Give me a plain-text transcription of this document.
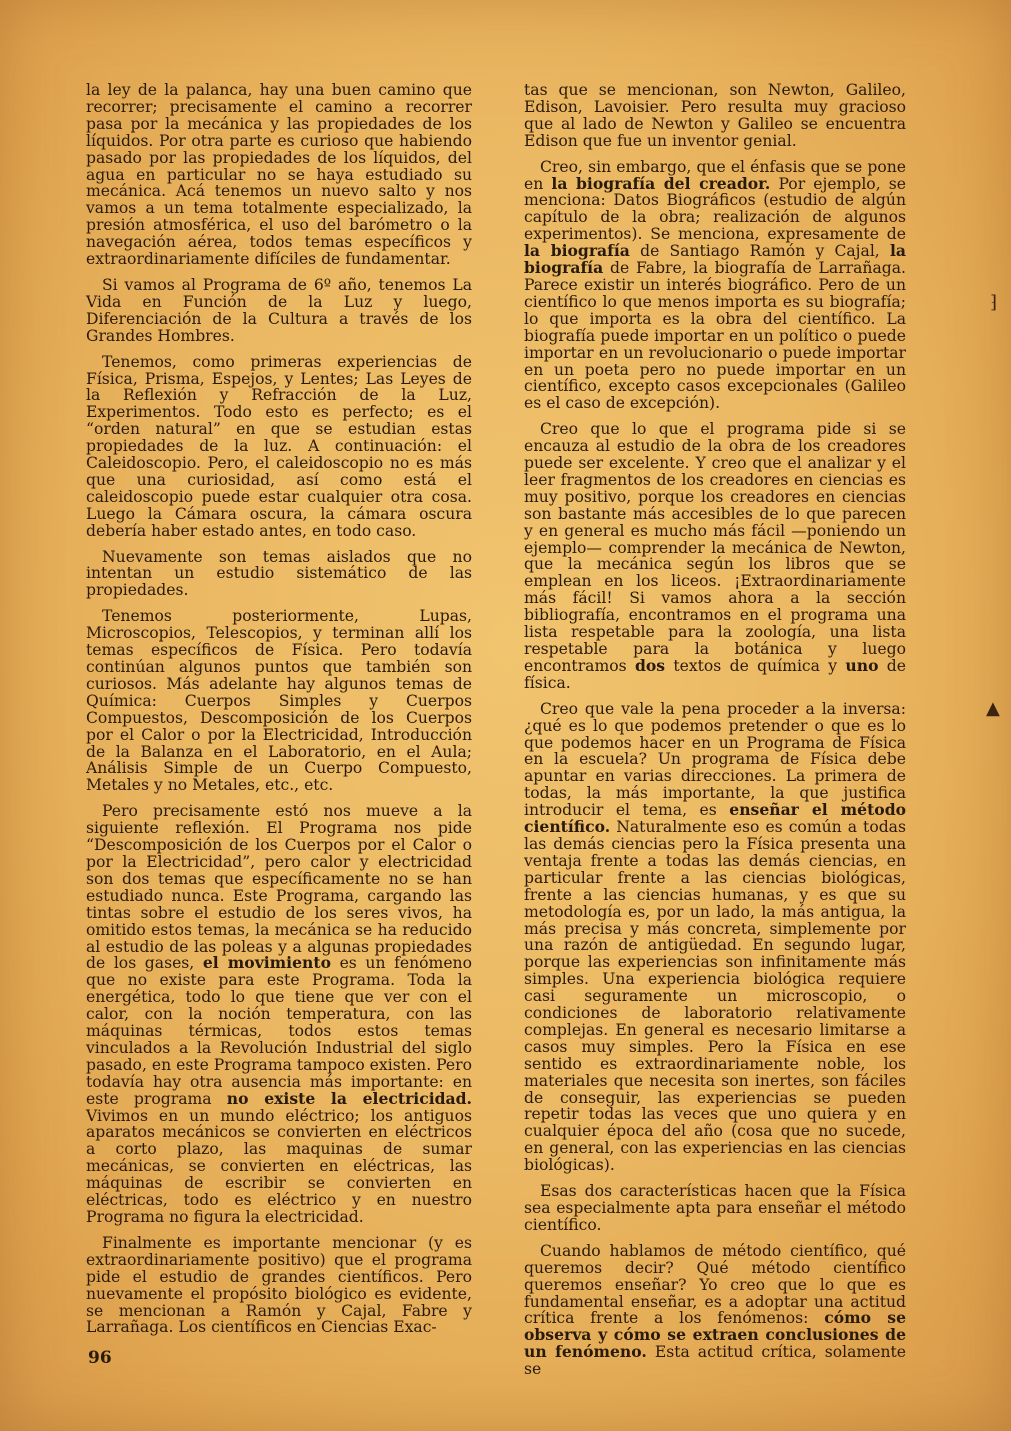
la ley de la palanca, hay una buen camino que recorrer; precisamente el camino a recorrer pasa por la mecánica y las propiedades de los líquidos. Por otra parte es curioso que habiendo pasado por las propiedades de los líquidos, del agua en particular no se haya estudiado su mecánica. Acá tenemos un nuevo salto y nos vamos a un tema totalmente especializado, la presión atmosférica, el uso del barómetro o la navegación aérea, todos temas específicos y extraordinariamente difíciles de fundamentar.

Si vamos al Programa de 6º año, tenemos La Vida en Función de la Luz y luego, Diferenciación de la Cultura a través de los Grandes Hombres.

Tenemos, como primeras experiencias de Física, Prisma, Espejos, y Lentes; Las Leyes de la Reflexión y Refracción de la Luz, Experimentos. Todo esto es perfecto; es el “orden natural” en que se estudian estas propiedades de la luz. A continuación: el Caleidoscopio. Pero, el caleidoscopio no es más que una curiosidad, así como está el caleidoscopio puede estar cualquier otra cosa. Luego la Cámara oscura, la cámara oscura debería haber estado antes, en todo caso.

Nuevamente son temas aislados que no intentan un estudio sistemático de las propiedades.

Tenemos posteriormente, Lupas, Microscopios, Telescopios, y terminan allí los temas específicos de Física. Pero todavía continúan algunos puntos que también son curiosos. Más adelante hay algunos temas de Química: Cuerpos Simples y Cuerpos Compuestos, Descomposición de los Cuerpos por el Calor o por la Electricidad, Introducción de la Balanza en el Laboratorio, en el Aula; Análisis Simple de un Cuerpo Compuesto, Metales y no Metales, etc., etc.

Pero precisamente estó nos mueve a la siguiente reflexión. El Programa nos pide “Descomposición de los Cuerpos por el Calor o por la Electricidad”, pero calor y electricidad son dos temas que específicamente no se han estudiado nunca. Este Programa, cargando las tintas sobre el estudio de los seres vivos, ha omitido estos temas, la mecánica se ha reducido al estudio de las poleas y a algunas propiedades de los gases, el movimiento es un fenómeno que no existe para este Programa. Toda la energética, todo lo que tiene que ver con el calor, con la noción temperatura, con las máquinas térmicas, todos estos temas vinculados a la Revolución Industrial del siglo pasado, en este Programa tampoco existen. Pero todavía hay otra ausencia más importante: en este programa no existe la electricidad. Vivimos en un mundo eléctrico; los antiguos aparatos mecánicos se convierten en eléctricos a corto plazo, las maquinas de sumar mecánicas, se convierten en eléctricas, las máquinas de escribir se convierten en eléctricas, todo es eléctrico y en nuestro Programa no figura la electricidad.

Finalmente es importante mencionar (y es extraordinariamente positivo) que el programa pide el estudio de grandes científicos. Pero nuevamente el propósito biológico es evidente, se mencionan a Ramón y Cajal, Fabre y Larrañaga. Los científicos en Ciencias Exac-

tas que se mencionan, son Newton, Galileo, Edison, Lavoisier. Pero resulta muy gracioso que al lado de Newton y Galileo se encuentra Edison que fue un inventor genial.

Creo, sin embargo, que el énfasis que se pone en la biografía del creador. Por ejemplo, se menciona: Datos Biográficos (estudio de algún capítulo de la obra; realización de algunos experimentos). Se menciona, expresamente de la biografía de Santiago Ramón y Cajal, la biografía de Fabre, la biografía de Larrañaga. Parece existir un interés biográfico. Pero de un científico lo que menos importa es su biografía; lo que importa es la obra del científico. La biografía puede importar en un político o puede importar en un revolucionario o puede importar en un poeta pero no puede importar en un científico, excepto casos excepcionales (Galileo es el caso de excepción).

Creo que lo que el programa pide si se encauza al estudio de la obra de los creadores puede ser excelente. Y creo que el analizar y el leer fragmentos de los creadores en ciencias es muy positivo, porque los creadores en ciencias son bastante más accesibles de lo que parecen y en general es mucho más fácil —poniendo un ejemplo— comprender la mecánica de Newton, que la mecánica según los libros que se emplean en los liceos. ¡Extraordinariamente más fácil! Si vamos ahora a la sección bibliografía, encontramos en el programa una lista respetable para la zoología, una lista respetable para la botánica y luego encontramos dos textos de química y uno de física.

Creo que vale la pena proceder a la inversa: ¿qué es lo que podemos pretender o que es lo que podemos hacer en un Programa de Física en la escuela? Un programa de Física debe apuntar en varias direcciones. La primera de todas, la más importante, la que justifica introducir el tema, es enseñar el método científico. Naturalmente eso es común a todas las demás ciencias pero la Física presenta una ventaja frente a todas las demás ciencias, en particular frente a las ciencias biológicas, frente a las ciencias humanas, y es que su metodología es, por un lado, la más antigua, la más precisa y más concreta, simplemente por una razón de antigüedad. En segundo lugar, porque las experiencias son infinitamente más simples. Una experiencia biológica requiere casi seguramente un microscopio, o condiciones de laboratorio relativamente complejas. En general es necesario limitarse a casos muy simples. Pero la Física en ese sentido es extraordinariamente noble, los materiales que necesita son inertes, son fáciles de conseguir, las experiencias se pueden repetir todas las veces que uno quiera y en cualquier época del año (cosa que no sucede, en general, con las experiencias en las ciencias biológicas).

Esas dos características hacen que la Física sea especialmente apta para enseñar el método científico.

Cuando hablamos de método científico, qué queremos decir? Qué método científico queremos enseñar? Yo creo que lo que es fundamental enseñar, es a adoptar una actitud crítica frente a los fenómenos: cómo se observa y cómo se extraen conclusiones de un fenómeno. Esta actitud crítica, solamente se

96
⁆
▲
